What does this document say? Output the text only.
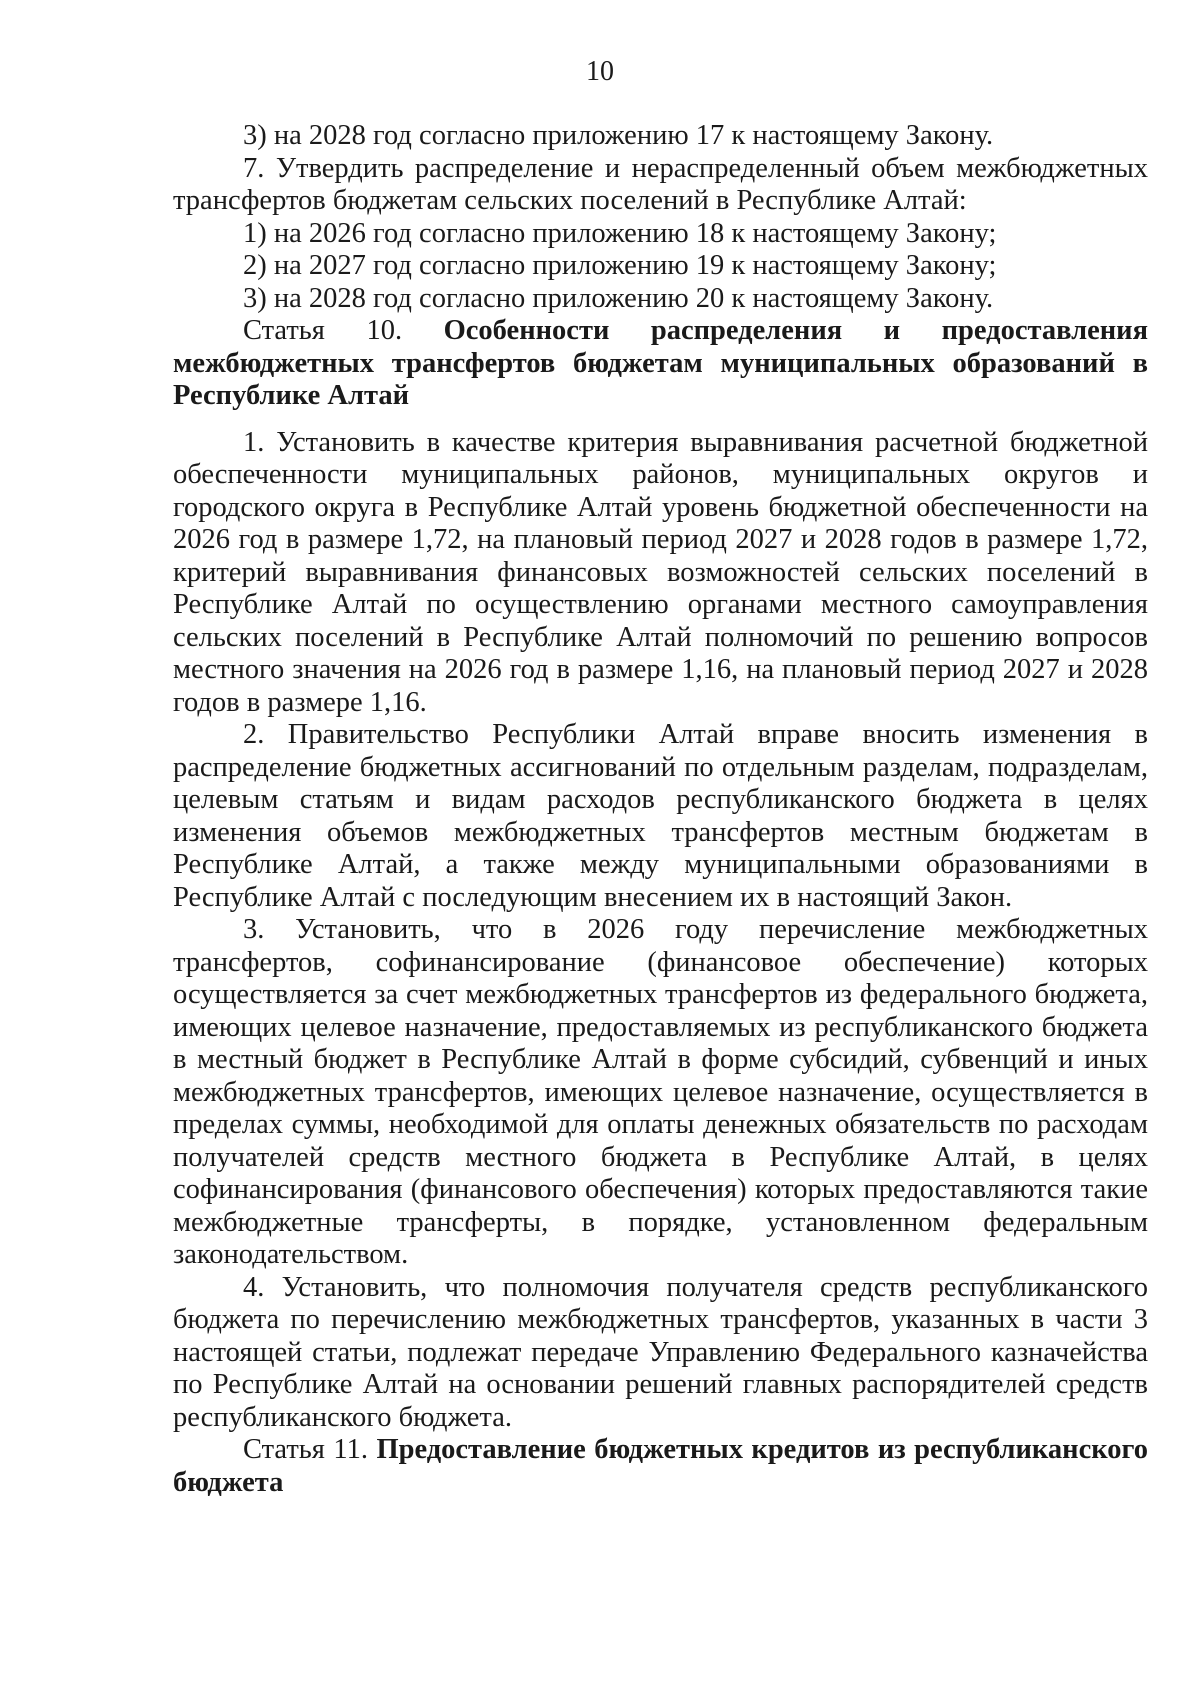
10

3) на 2028 год согласно приложению 17 к настоящему Закону.

7. Утвердить распределение и нераспределенный объем межбюджетных трансфертов бюджетам сельских поселений в Республике Алтай:

1) на 2026 год согласно приложению 18 к настоящему Закону;

2) на 2027 год согласно приложению 19 к настоящему Закону;

3) на 2028 год согласно приложению 20 к настоящему Закону.

Статья 10. Особенности распределения и предоставления межбюджетных трансфертов бюджетам муниципальных образований в Республике Алтай

1. Установить в качестве критерия выравнивания расчетной бюджетной обеспеченности муниципальных районов, муниципальных округов и городского округа в Республике Алтай уровень бюджетной обеспеченности на 2026 год в размере 1,72, на плановый период 2027 и 2028 годов в размере 1,72, критерий выравнивания финансовых возможностей сельских поселений в Республике Алтай по осуществлению органами местного самоуправления сельских поселений в Республике Алтай полномочий по решению вопросов местного значения на 2026 год в размере 1,16, на плановый период 2027 и 2028 годов в размере 1,16.

2. Правительство Республики Алтай вправе вносить изменения в распределение бюджетных ассигнований по отдельным разделам, подразделам, целевым статьям и видам расходов республиканского бюджета в целях изменения объемов межбюджетных трансфертов местным бюджетам в Республике Алтай, а также между муниципальными образованиями в Республике Алтай с последующим внесением их в настоящий Закон.

3. Установить, что в 2026 году перечисление межбюджетных трансфертов, софинансирование (финансовое обеспечение) которых осуществляется за счет межбюджетных трансфертов из федерального бюджета, имеющих целевое назначение, предоставляемых из республиканского бюджета в местный бюджет в Республике Алтай в форме субсидий, субвенций и иных межбюджетных трансфертов, имеющих целевое назначение, осуществляется в пределах суммы, необходимой для оплаты денежных обязательств по расходам получателей средств местного бюджета в Республике Алтай, в целях софинансирования (финансового обеспечения) которых предоставляются такие межбюджетные трансферты, в порядке, установленном федеральным законодательством.

4. Установить, что полномочия получателя средств республиканского бюджета по перечислению межбюджетных трансфертов, указанных в части 3 настоящей статьи, подлежат передаче Управлению Федерального казначейства по Республике Алтай на основании решений главных распорядителей средств республиканского бюджета.

Статья 11. Предоставление бюджетных кредитов из республиканского бюджета
